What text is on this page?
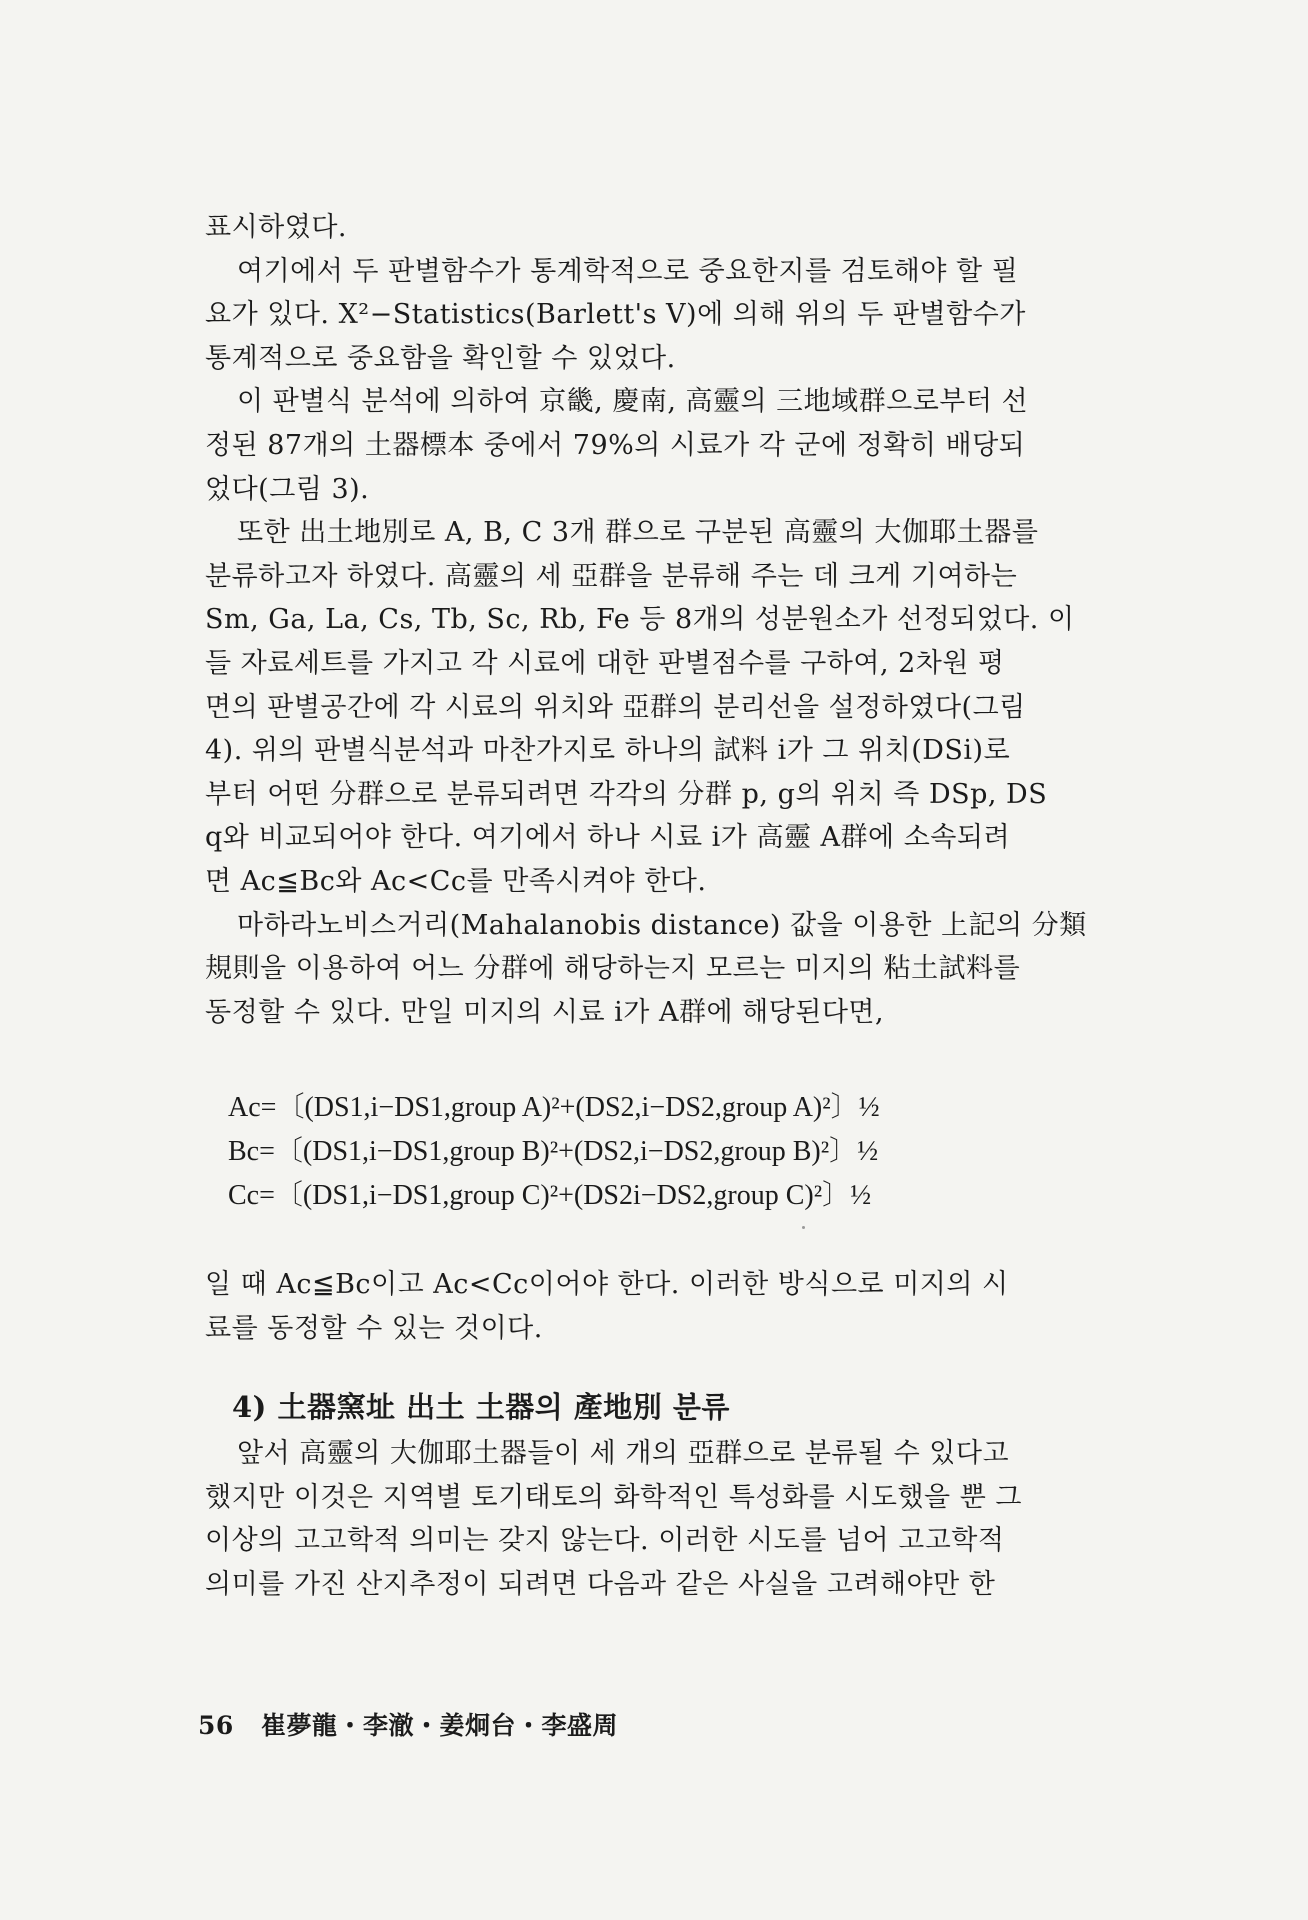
표시하였다.
여기에서 두 판별함수가 통계학적으로 중요한지를 검토해야 할 필
요가 있다. X²−Statistics(Barlett's V)에 의해 위의 두 판별함수가
통계적으로 중요함을 확인할 수 있었다.
이 판별식 분석에 의하여 京畿, 慶南, 高靈의 三地域群으로부터 선
정된 87개의 土器標本 중에서 79%의 시료가 각 군에 정확히 배당되
었다(그림 3).
또한 出土地別로 A, B, C 3개 群으로 구분된 高靈의 大伽耶土器를
분류하고자 하였다. 高靈의 세 亞群을 분류해 주는 데 크게 기여하는
Sm, Ga, La, Cs, Tb, Sc, Rb, Fe 등 8개의 성분원소가 선정되었다. 이
들 자료세트를 가지고 각 시료에 대한 판별점수를 구하여, 2차원 평
면의 판별공간에 각 시료의 위치와 亞群의 분리선을 설정하였다(그림
4). 위의 판별식분석과 마찬가지로 하나의 試料 i가 그 위치(DSi)로
부터 어떤 分群으로 분류되려면 각각의 分群 p, g의 위치 즉 DSp, DS
q와 비교되어야 한다. 여기에서 하나 시료 i가 高靈 A群에 소속되려
면 Ac≦Bc와 Ac<Cc를 만족시켜야 한다.
마하라노비스거리(Mahalanobis distance) 값을 이용한 上記의 分類
規則을 이용하여 어느 分群에 해당하는지 모르는 미지의 粘土試料를
동정할 수 있다. 만일 미지의 시료 i가 A群에 해당된다면,
Ac=〔(DS1,i−DS1,group A)²+(DS2,i−DS2,group A)²〕½
Bc=〔(DS1,i−DS1,group B)²+(DS2,i−DS2,group B)²〕½
Cc=〔(DS1,i−DS1,group C)²+(DS2i−DS2,group C)²〕½
일 때 Ac≦Bc이고 Ac<Cc이어야 한다. 이러한 방식으로 미지의 시
료를 동정할 수 있는 것이다.
4) 土器窯址 出土 土器의 產地別 분류
앞서 高靈의 大伽耶土器들이 세 개의 亞群으로 분류될 수 있다고
했지만 이것은 지역별 토기태토의 화학적인 특성화를 시도했을 뿐 그
이상의 고고학적 의미는 갖지 않는다. 이러한 시도를 넘어 고고학적
의미를 가진 산지추정이 되려면 다음과 같은 사실을 고려해야만 한
56 崔夢龍・李澈・姜炯台・李盛周
